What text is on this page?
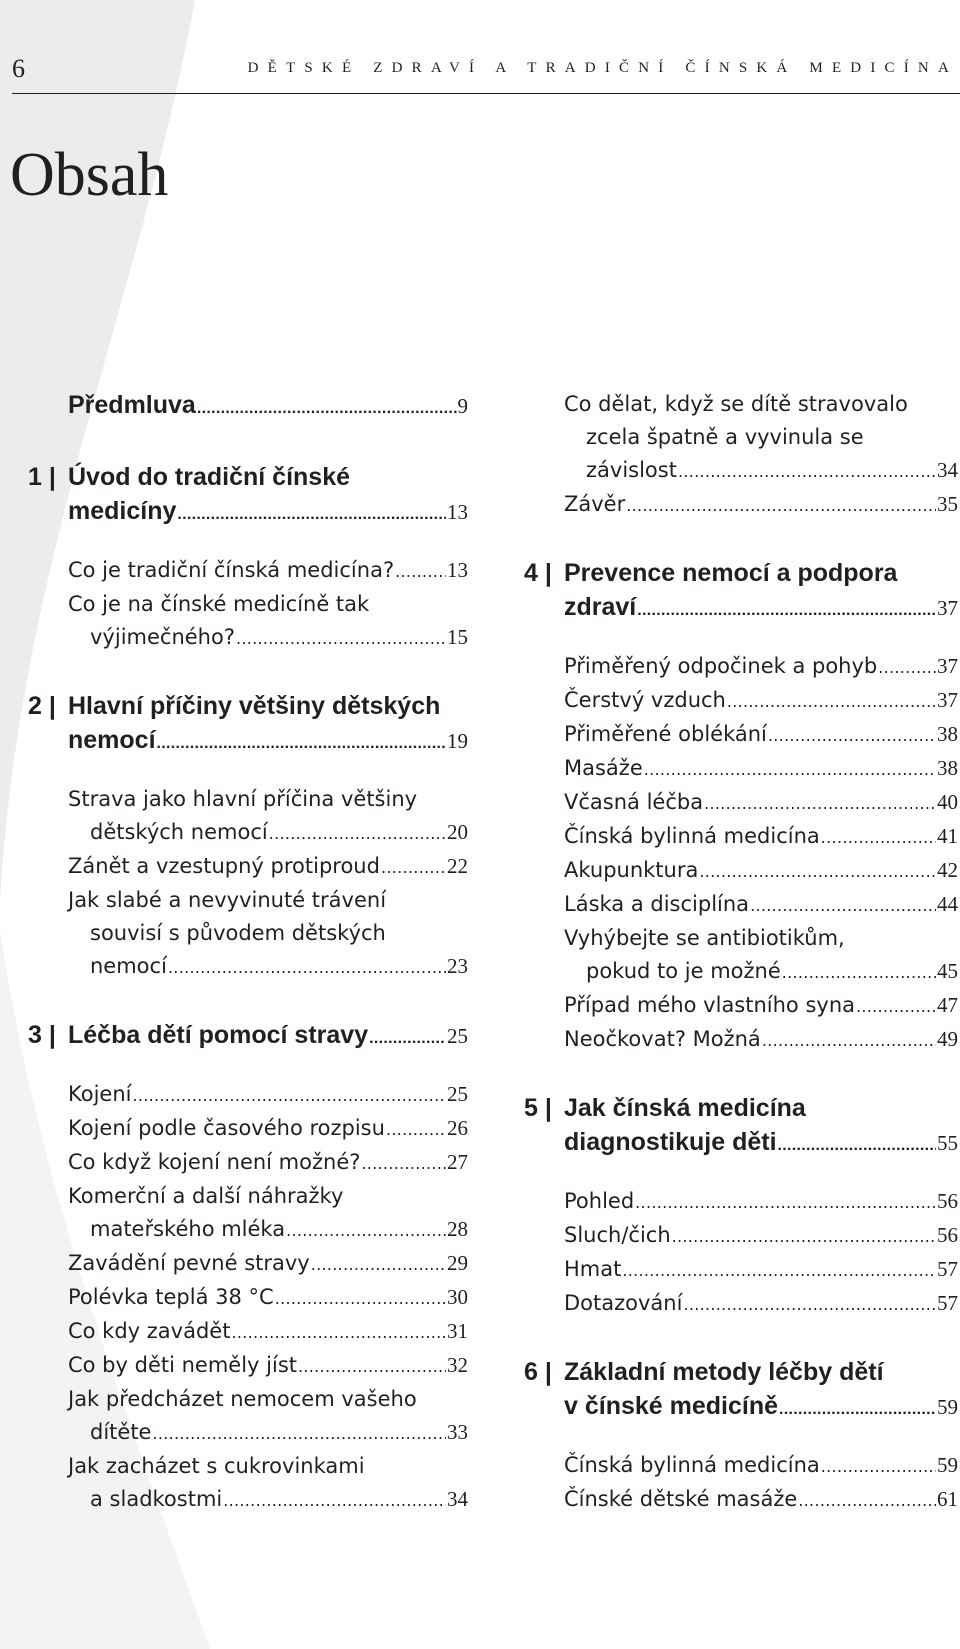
6	DĚTSKÉ ZDRAVÍ A TRADIČNÍ ČÍNSKÁ MEDICÍNA
Obsah
Předmluva .....	9
1 | Úvod do tradiční čínské
medicíny .....	13
Co je tradiční čínská medicína? .....	13
Co je na čínské medicíně tak
výjimečného? .....	15
2 | Hlavní příčiny většiny dětských
nemocí .....	19
Strava jako hlavní příčina většiny
dětských nemocí .....	20
Zánět a vzestupný protiproud .....	22
Jak slabé a nevyvinuté trávení
souvisí s původem dětských
nemocí .....	23
3 | Léčba dětí pomocí stravy .....	25
Kojení .....	25
Kojení podle časového rozpisu .....	26
Co když kojení není možné? .....	27
Komerční a další náhražky
mateřského mléka .....	28
Zavádění pevné stravy .....	29
Polévka teplá 38 °C .....	30
Co kdy zavádět .....	31
Co by děti neměly jíst .....	32
Jak předcházet nemocem vašeho
dítěte .....	33
Jak zacházet s cukrovinkami
a sladkostmi .....	34
Co dělat, když se dítě stravovalo
zcela špatně a vyvinula se
závislost .....	34
Závěr .....	35
4 | Prevence nemocí a podpora
zdraví .....	37
Přiměřený odpočinek a pohyb .....	37
Čerstvý vzduch .....	37
Přiměřené oblékání .....	38
Masáže .....	38
Včasná léčba .....	40
Čínská bylinná medicína .....	41
Akupunktura .....	42
Láska a disciplína .....	44
Vyhýbejte se antibiotikům,
pokud to je možné .....	45
Případ mého vlastního syna .....	47
Neočkovat? Možná .....	49
5 | Jak čínská medicína
diagnostikuje děti .....	55
Pohled .....	56
Sluch/čich .....	56
Hmat .....	57
Dotazování .....	57
6 | Základní metody léčby dětí
v čínské medicíně .....	59
Čínská bylinná medicína .....	59
Čínské dětské masáže .....	61
